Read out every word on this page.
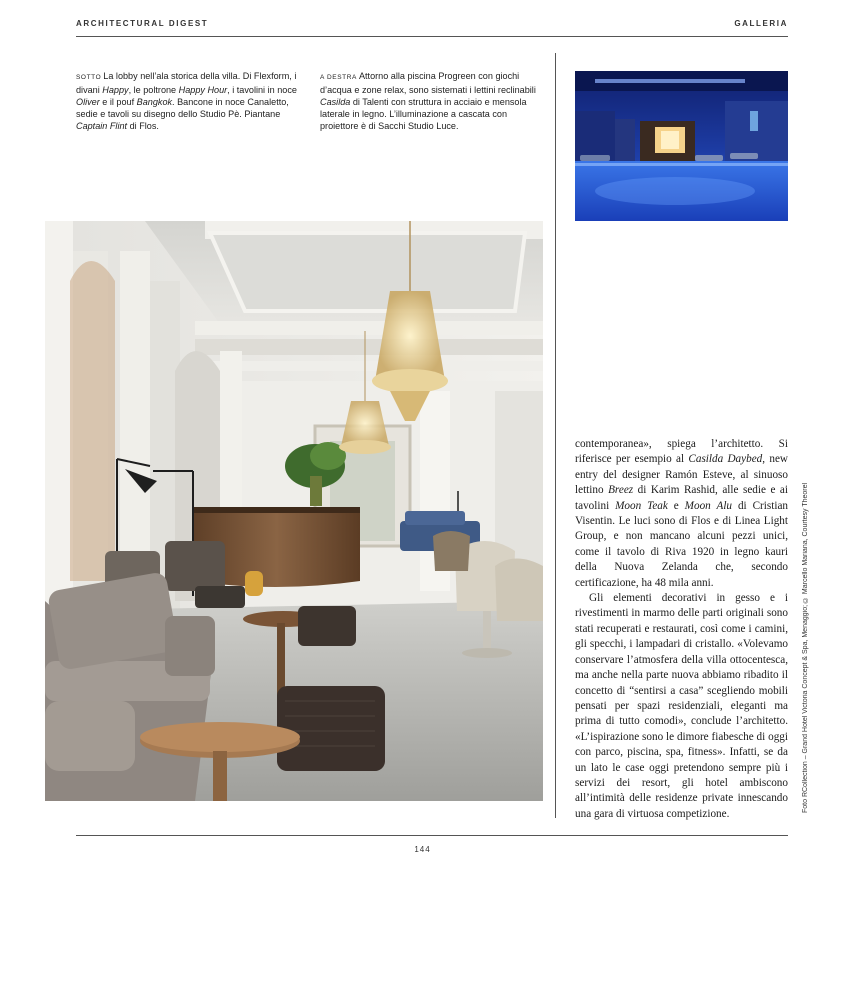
ARCHITECTURAL DIGEST	GALLERIA

SOTTO La lobby nell’ala storica della villa. Di Flexform, i divani Happy, le poltrone Happy Hour, i tavolini in noce Oliver e il pouf Bangkok. Bancone in noce Canaletto, sedie e tavoli su disegno dello Studio Pè. Piantane Captain Flint di Flos.

A DESTRA Attorno alla piscina Progreen con giochi d’acqua e zone relax, sono sistemati i lettini reclinabili Casilda di Talenti con struttura in acciaio e mensola laterale in legno. L’illuminazione a cascata con proiettore è di Sacchi Studio Luce.

contemporanea», spiega l’architetto. Si riferisce per esempio al Casilda Daybed, new entry del designer Ramón Esteve, al sinuoso lettino Breez di Karim Rashid, alle sedie e ai tavolini Moon Teak e Moon Alu di Cristian Visentin. Le luci sono di Flos e di Linea Light Group, e non mancano alcuni pezzi unici, come il tavolo di Riva 1920 in legno kauri della Nuova Zelanda che, secondo certificazione, ha 48 mila anni.

Gli elementi decorativi in gesso e i rivestimenti in marmo delle parti originali sono stati recuperati e restaurati, così come i camini, gli specchi, i lampadari di cristallo. «Volevamo conservare l’atmosfera della villa ottocentesca, ma anche nella parte nuova abbiamo ribadito il concetto di “sentirsi a casa” scegliendo mobili pensati per spazi residenziali, eleganti ma prima di tutto comodi», conclude l’architetto. «L’ispirazione sono le dimore fiabesche di oggi con parco, piscina, spa, fitness». Infatti, se da un lato le case oggi pretendono sempre più i servizi dei resort, gli hotel ambiscono all’intimità delle residenze private innescando una gara di virtuosa competizione.

Foto RCollection – Grand Hotel Victoria Concept & Spa, Menaggio; © Marcello Mariana, Courtesy Theorel
144
